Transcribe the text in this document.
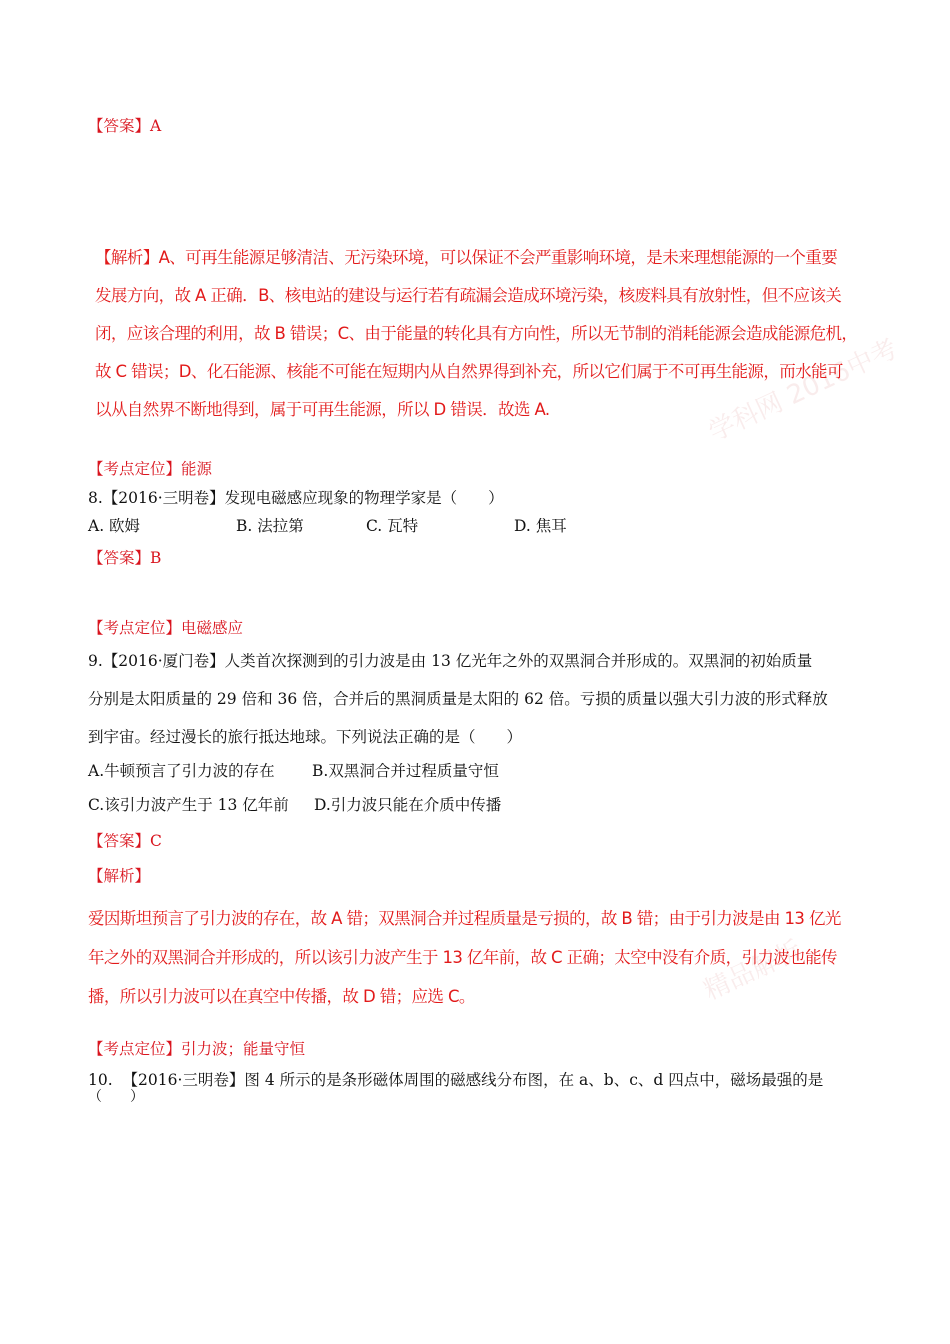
学科网 2016中考
精品解析
【答案】A
【解析】A、可再生能源足够清洁、无污染环境，可以保证不会严重影响环境，是未来理想能源的一个重要
发展方向，故 A 正确．B、核电站的建设与运行若有疏漏会造成环境污染，核废料具有放射性，但不应该关
闭，应该合理的利用，故 B 错误；C、由于能量的转化具有方向性，所以无节制的消耗能源会造成能源危机，
故 C 错误；D、化石能源、核能不可能在短期内从自然界得到补充，所以它们属于不可再生能源，而水能可
以从自然界不断地得到，属于可再生能源，所以 D 错误．故选 A.
【考点定位】能源
8.【2016·三明卷】发现电磁感应现象的物理学家是（　　）
A. 欧姆	B. 法拉第	C. 瓦特	D. 焦耳
【答案】B
【考点定位】电磁感应
9.【2016·厦门卷】人类首次探测到的引力波是由 13 亿光年之外的双黑洞合并形成的。双黑洞的初始质量
分别是太阳质量的 29 倍和 36 倍，合并后的黑洞质量是太阳的 62 倍。亏损的质量以强大引力波的形式释放
到宇宙。经过漫长的旅行抵达地球。下列说法正确的是（　　）
A.牛顿预言了引力波的存在 B.双黑洞合并过程质量守恒
C.该引力波产生于 13 亿年前 D.引力波只能在介质中传播
【答案】C
【解析】
爱因斯坦预言了引力波的存在，故 A 错；双黑洞合并过程质量是亏损的，故 B 错；由于引力波是由 13 亿光
年之外的双黑洞合并形成的，所以该引力波产生于 13 亿年前，故 C 正确；太空中没有介质，引力波也能传
播，所以引力波可以在真空中传播，故 D 错；应选 C。
【考点定位】引力波；能量守恒
10. 【2016·三明卷】图 4 所示的是条形磁体周围的磁感线分布图，在 a、b、c、d 四点中，磁场最强的是
（　　）
